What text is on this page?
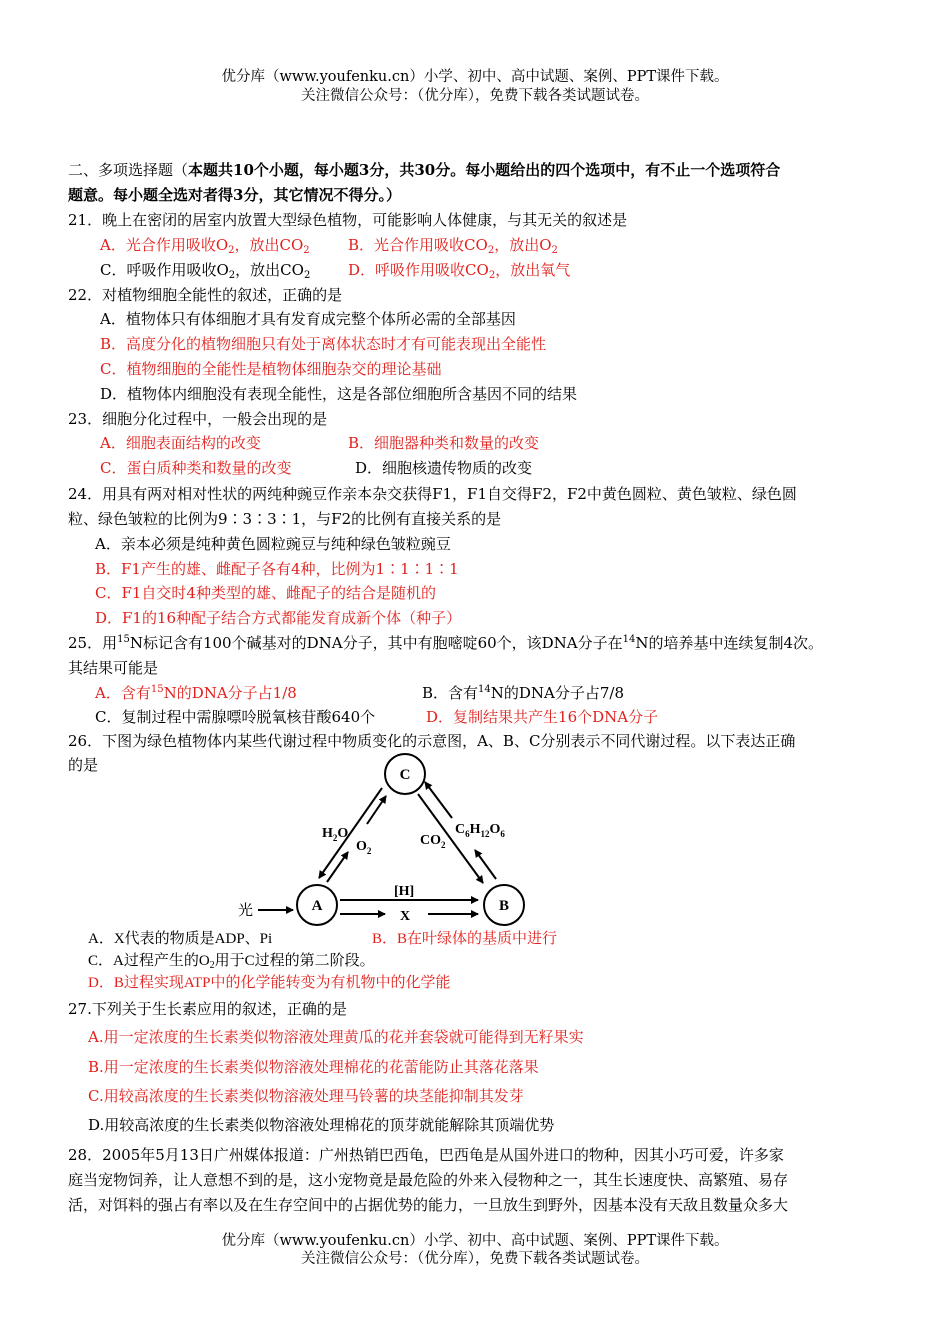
优分库（www.youfenku.cn）小学、初中、高中试题、案例、PPT课件下载。
关注微信公众号：（优分库），免费下载各类试题试卷。
二、多项选择题（本题共10个小题，每小题3分，共30分。每小题给出的四个选项中，有不止一个选项符合
题意。每小题全选对者得3分，其它情况不得分。）
21．晚上在密闭的居室内放置大型绿色植物，可能影响人体健康，与其无关的叙述是
A．光合作用吸收$O_2$，放出$CO_2$	B．光合作用吸收$CO_2$，放出$O_2$
C．呼吸作用吸收$O_2$，放出$CO_2$	D．呼吸作用吸收$CO_2$，放出氧气
22．对植物细胞全能性的叙述，正确的是
A．植物体只有体细胞才具有发育成完整个体所必需的全部基因
B．高度分化的植物细胞只有处于离体状态时才有可能表现出全能性
C．植物细胞的全能性是植物体细胞杂交的理论基础
D．植物体内细胞没有表现全能性，这是各部位细胞所含基因不同的结果
23．细胞分化过程中，一般会出现的是
A．细胞表面结构的改变	B．细胞器种类和数量的改变
C．蛋白质种类和数量的改变	D．细胞核遗传物质的改变
24．用具有两对相对性状的两纯种豌豆作亲本杂交获得F1，F1自交得F2，F2中黄色圆粒、黄色皱粒、绿色圆
粒、绿色皱粒的比例为9∶3∶3∶1，与F2的比例有直接关系的是
A．亲本必须是纯种黄色圆粒豌豆与纯种绿色皱粒豌豆
B．F1产生的雄、雌配子各有4种，比例为1∶1∶1∶1
C．F1自交时4种类型的雄、雌配子的结合是随机的
D．F1的16种配子结合方式都能发育成新个体（种子）
25．用$^{15}$N标记含有100个碱基对的DNA分子，其中有胞嘧啶60个，该DNA分子在$^{14}$N的培养基中连续复制4次。
其结果可能是
A．含有$^{15}$N的DNA分子占1/8	B．含有$^{14}$N的DNA分子占7/8
C．复制过程中需腺嘌呤脱氧核苷酸640个	D．复制结果共产生16个DNA分子
26．下图为绿色植物体内某些代谢过程中物质变化的示意图，A、B、C分别表示不同代谢过程。以下表达正确
的是
C
A	B
光
$H_2O$
$O_2$
$CO_2$
$C_6H_{12}O_6$
[H]
X
A．X代表的物质是ADP、Pi	B．B在叶绿体的基质中进行
C．A过程产生的$O_2$用于C过程的第二阶段。
D．B过程实现ATP中的化学能转变为有机物中的化学能
27.下列关于生长素应用的叙述，正确的是
A.用一定浓度的生长素类似物溶液处理黄瓜的花并套袋就可能得到无籽果实
B.用一定浓度的生长素类似物溶液处理棉花的花蕾能防止其落花落果
C.用较高浓度的生长素类似物溶液处理马铃薯的块茎能抑制其发芽
D.用较高浓度的生长素类似物溶液处理棉花的顶芽就能解除其顶端优势
28．2005年5月13日广州媒体报道：广州热销巴西龟，巴西龟是从国外进口的物种，因其小巧可爱，许多家
庭当宠物饲养，让人意想不到的是，这小宠物竟是最危险的外来入侵物种之一，其生长速度快、高繁殖、易存
活，对饵料的强占有率以及在生存空间中的占据优势的能力，一旦放生到野外，因基本没有天敌且数量众多大
优分库（www.youfenku.cn）小学、初中、高中试题、案例、PPT课件下载。
关注微信公众号：（优分库），免费下载各类试题试卷。
